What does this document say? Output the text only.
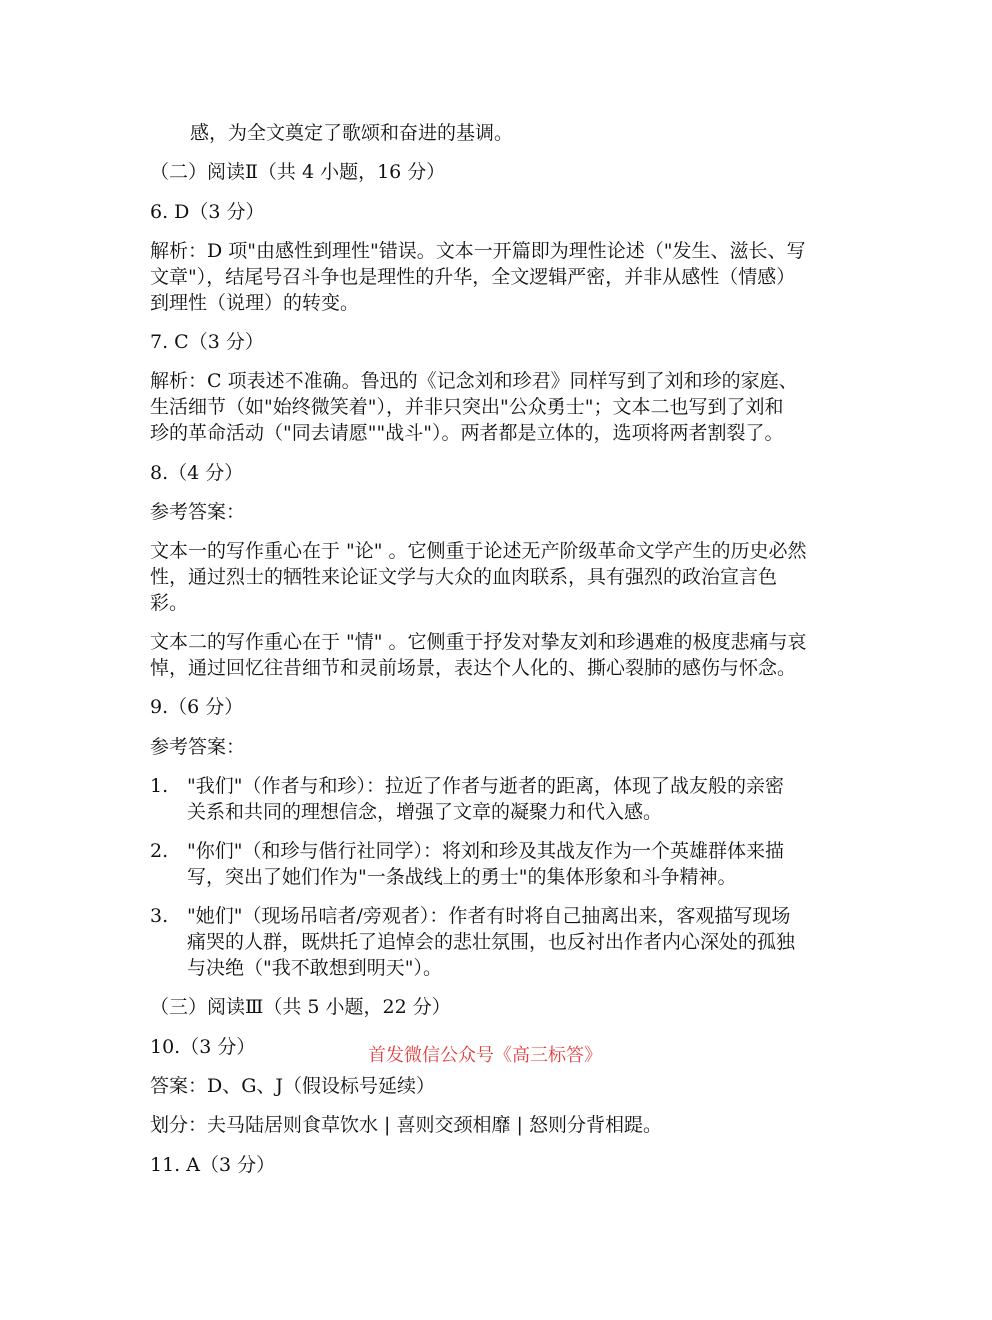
感，为全文奠定了歌颂和奋进的基调。
（二）阅读Ⅱ（共 4 小题，16 分）
6. D（3 分）
解析：D 项"由感性到理性"错误。文本一开篇即为理性论述（"发生、滋长、写
文章"），结尾号召斗争也是理性的升华，全文逻辑严密，并非从感性（情感）
到理性（说理）的转变。
7. C（3 分）
解析：C 项表述不准确。鲁迅的《记念刘和珍君》同样写到了刘和珍的家庭、
生活细节（如"始终微笑着"），并非只突出"公众勇士"；文本二也写到了刘和
珍的革命活动（"同去请愿""战斗"）。两者都是立体的，选项将两者割裂了。
8.（4 分）
参考答案：
文本一的写作重心在于 "论" 。它侧重于论述无产阶级革命文学产生的历史必然
性，通过烈士的牺牲来论证文学与大众的血肉联系，具有强烈的政治宣言色
彩。
文本二的写作重心在于 "情" 。它侧重于抒发对挚友刘和珍遇难的极度悲痛与哀
悼，通过回忆往昔细节和灵前场景，表达个人化的、撕心裂肺的感伤与怀念。
9.（6 分）
参考答案：
1. "我们"（作者与和珍）：拉近了作者与逝者的距离，体现了战友般的亲密
关系和共同的理想信念，增强了文章的凝聚力和代入感。
2. "你们"（和珍与偕行社同学）：将刘和珍及其战友作为一个英雄群体来描
写，突出了她们作为"一条战线上的勇士"的集体形象和斗争精神。
3. "她们"（现场吊唁者/旁观者）：作者有时将自己抽离出来，客观描写现场
痛哭的人群，既烘托了追悼会的悲壮氛围，也反衬出作者内心深处的孤独
与决绝（"我不敢想到明天"）。
（三）阅读Ⅲ（共 5 小题，22 分）
10.（3 分）	首发微信公众号《高三标答》
答案：D、G、J（假设标号延续）
划分：夫马陆居则食草饮水 | 喜则交颈相靡 | 怒则分背相踶。
11. A（3 分）
